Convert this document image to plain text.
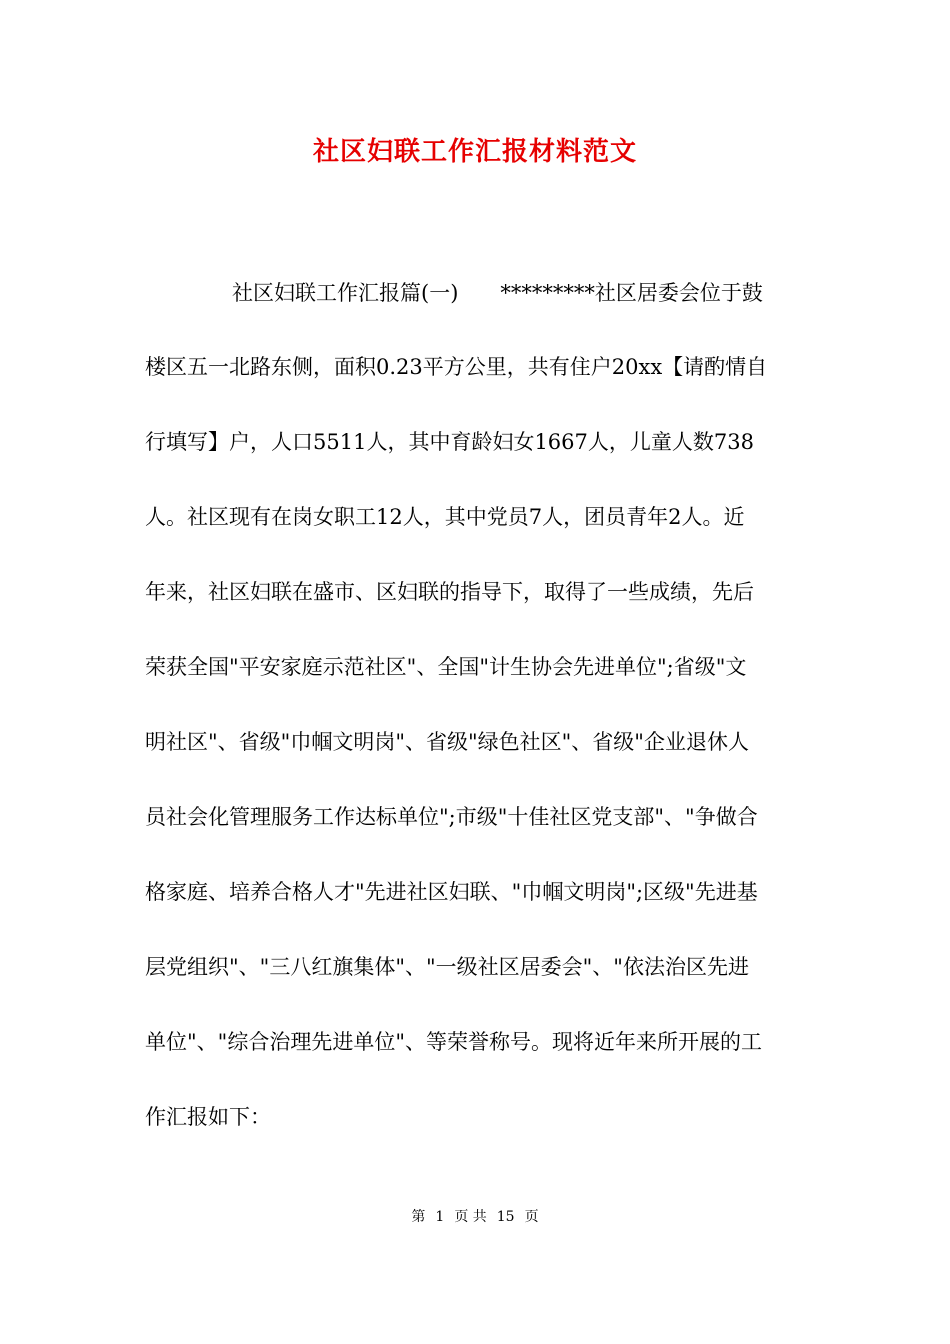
社区妇联工作汇报材料范文
社区妇联工作汇报篇(一)　　*********社区居委会位于鼓
楼区五一北路东侧，面积0.23平方公里，共有住户20xx【请酌情自
行填写】户，人口5511人，其中育龄妇女1667人，儿童人数738
人。社区现有在岗女职工12人，其中党员7人，团员青年2人。近
年来，社区妇联在盛市、区妇联的指导下，取得了一些成绩，先后
荣获全国"平安家庭示范社区"、全国"计生协会先进单位";省级"文
明社区"、省级"巾帼文明岗"、省级"绿色社区"、省级"企业退休人
员社会化管理服务工作达标单位";市级"十佳社区党支部"、"争做合
格家庭、培养合格人才"先进社区妇联、"巾帼文明岗";区级"先进基
层党组织"、"三八红旗集体"、"一级社区居委会"、"依法治区先进
单位"、"综合治理先进单位"、等荣誉称号。现将近年来所开展的工
作汇报如下：
第 1 页 共 15 页
